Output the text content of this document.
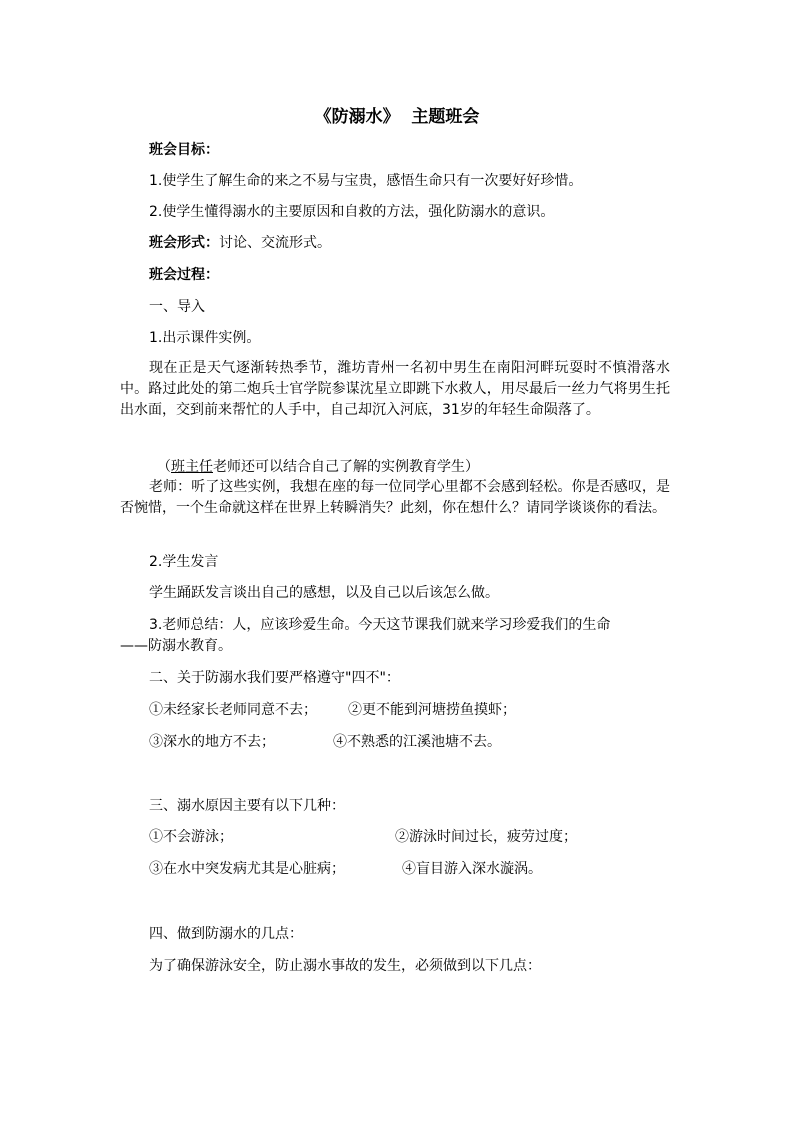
《防溺水》  主题班会
班会目标：
1.使学生了解生命的来之不易与宝贵，感悟生命只有一次要好好珍惜。
2.使学生懂得溺水的主要原因和自救的方法，强化防溺水的意识。
班会形式：讨论、交流形式。
班会过程：
一、导入
1.出示课件实例。
现在正是天气逐渐转热季节，潍坊青州一名初中男生在南阳河畔玩耍时不慎滑落水中。路过此处的第二炮兵士官学院参谋沈星立即跳下水救人，用尽最后一丝力气将男生托出水面，交到前来帮忙的人手中，自己却沉入河底，31岁的年轻生命陨落了。
（班主任老师还可以结合自己了解的实例教育学生）
老师：听了这些实例，我想在座的每一位同学心里都不会感到轻松。你是否感叹，是否惋惜，一个生命就这样在世界上转瞬消失？此刻，你在想什么？请同学谈谈你的看法。
2.学生发言
学生踊跃发言谈出自己的感想，以及自己以后该怎么做。
3.老师总结：人，应该珍爱生命。今天这节课我们就来学习珍爱我们的生命
——防溺水教育。
二、关于防溺水我们要严格遵守"四不"：
①未经家长老师同意不去； ②更不能到河塘捞鱼摸虾；
③深水的地方不去；	④不熟悉的江溪池塘不去。
三、溺水原因主要有以下几种：
①不会游泳；	②游泳时间过长，疲劳过度；
③在水中突发病尤其是心脏病；	④盲目游入深水漩涡。
四、做到防溺水的几点：
为了确保游泳安全，防止溺水事故的发生，必须做到以下几点：
